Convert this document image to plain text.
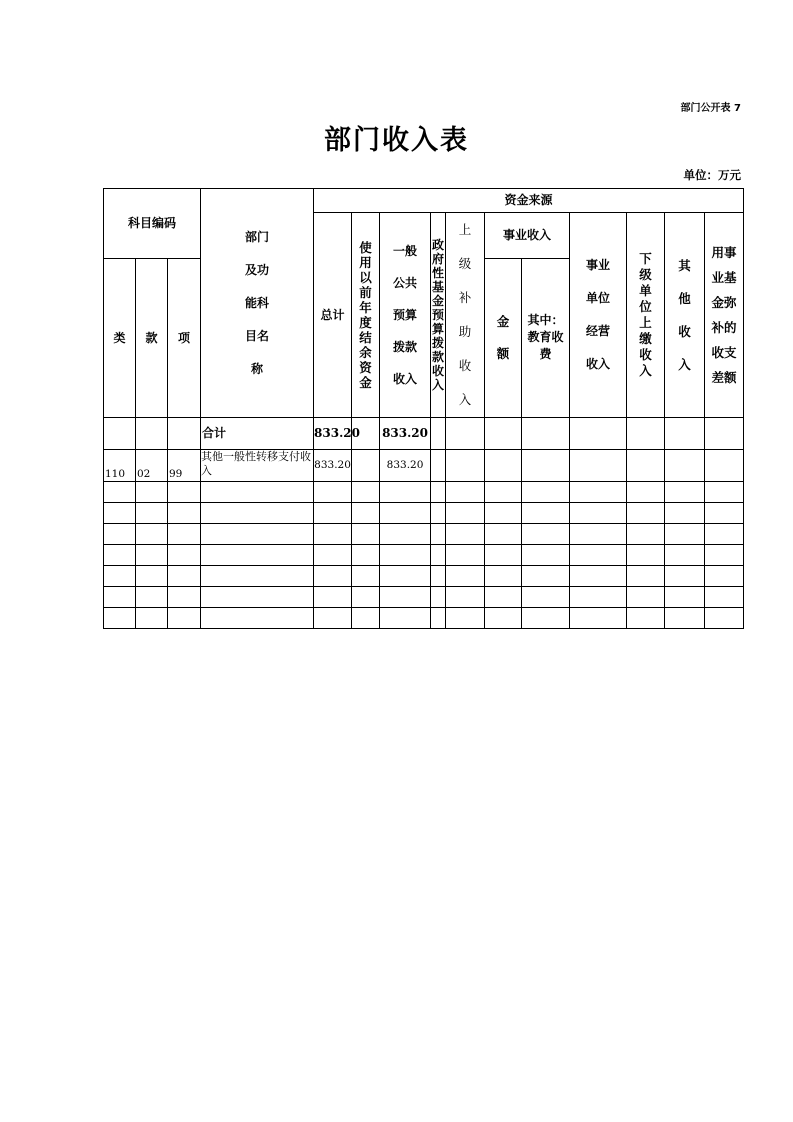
部门公开表 7
部门收入表
单位：万元
科目编码			部门及功能科目名称	资金来源										
				总计	使用以前年度结余资金	一般公共预算拨款收入	政府性基金预算拨款收入	上级补助收入	事业收入		事业单位经营收入	下级单位上缴收入	其他收入	用事业基金弥补的收支差额
类	款	项							金额	其中：教育收费				
			合计	833.20		833.20								
110	02	99	其他一般性转移支付收入	833.20		833.20								
